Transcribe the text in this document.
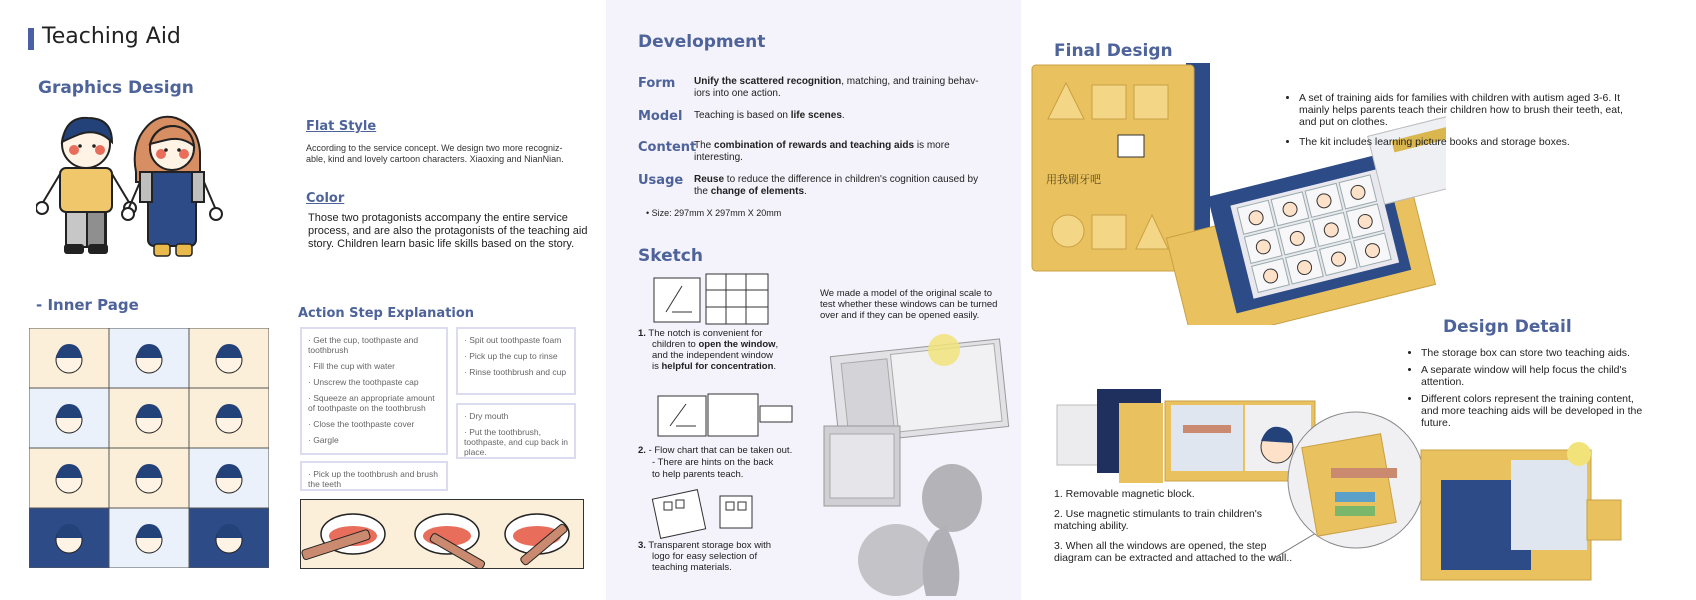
Teaching Aid
Graphics Design
Flat Style
According to the service concept. We design two more recogniz-
able, kind and lovely cartoon characters. Xiaoxing and NianNian.
Color
Those two protagonists accompany the entire service
process, and are also the protagonists of the teaching aid
story. Children learn basic life skills based on the story.
- Inner Page	Action Step Explanation
· Get the cup, toothpaste and toothbrush
· Fill the cup with water
· Unscrew the toothpaste cap
· Squeeze an appropriate amount of toothpaste on the toothbrush
· Close the toothpaste cover
· Gargle
· Spit out toothpaste foam
· Pick up the cup to rinse
· Rinse toothbrush and cup
· Dry mouth
· Put the toothbrush, toothpaste, and cup back in place.
· Pick up the toothbrush and brush the teeth
Development
Form Unify the scattered recognition, matching, and training behav-iors into one action.
Model Teaching is based on life scenes.
Content
The combination of rewards and teaching aids is more interesting.
Usage Reuse to reduce the difference in children's cognition caused by the change of elements.
• Size: 297mm X 297mm X 20mm
Sketch
1. The notch is convenient for
children to open the window,
and the independent window
is helpful for concentration.
2. - Flow chart that can be taken out.
- There are hints on the back
to help parents teach.
3. Transparent storage box with
logo for easy selection of
teaching materials.
We made a model of the original scale to test whether these windows can be turned over and if they can be opened easily.
Final Design
用我刷牙吧
• A set of training aids for families with children with autism aged 3-6. It mainly helps parents teach their children how to brush their teeth, eat, and put on clothes.
• The kit includes learning picture books and storage boxes.
Design Detail
• The storage box can store two teaching aids.
• A separate window will help focus the child's attention.
• Different colors represent the training content, and more teaching aids will be developed in the future.
1. Removable magnetic block.
2. Use magnetic stimulants to train children's matching ability.
3. When all the windows are opened, the step diagram can be extracted and attached to the wall..
